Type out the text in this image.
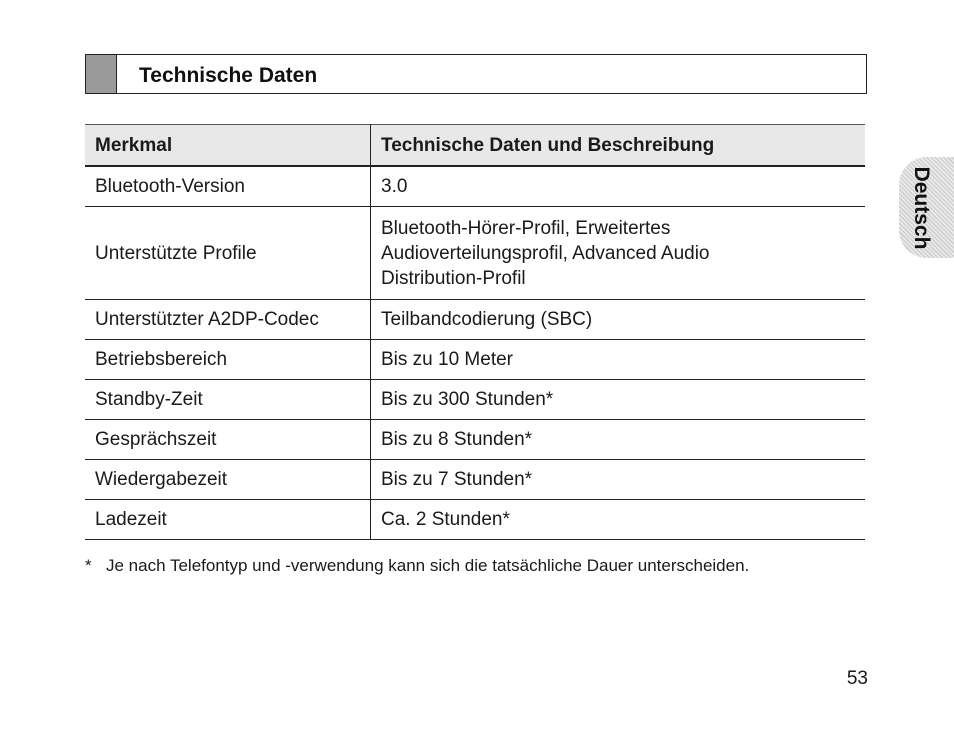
Technische Daten
Merkmal	Technische Daten und Beschreibung
Bluetooth-Version	3.0
Unterstützte Profile	Bluetooth-Hörer-Profil, Erweitertes
Audioverteilungsprofil, Advanced Audio
Distribution-Profil
Unterstützter A2DP-Codec	Teilbandcodierung (SBC)
Betriebsbereich	Bis zu 10 Meter
Standby-Zeit	Bis zu 300 Stunden*
Gesprächszeit	Bis zu 8 Stunden*
Wiedergabezeit	Bis zu 7 Stunden*
Ladezeit	Ca. 2 Stunden*
* Je nach Telefontyp und -verwendung kann sich die tatsächliche Dauer unterscheiden.
Deutsch
53
